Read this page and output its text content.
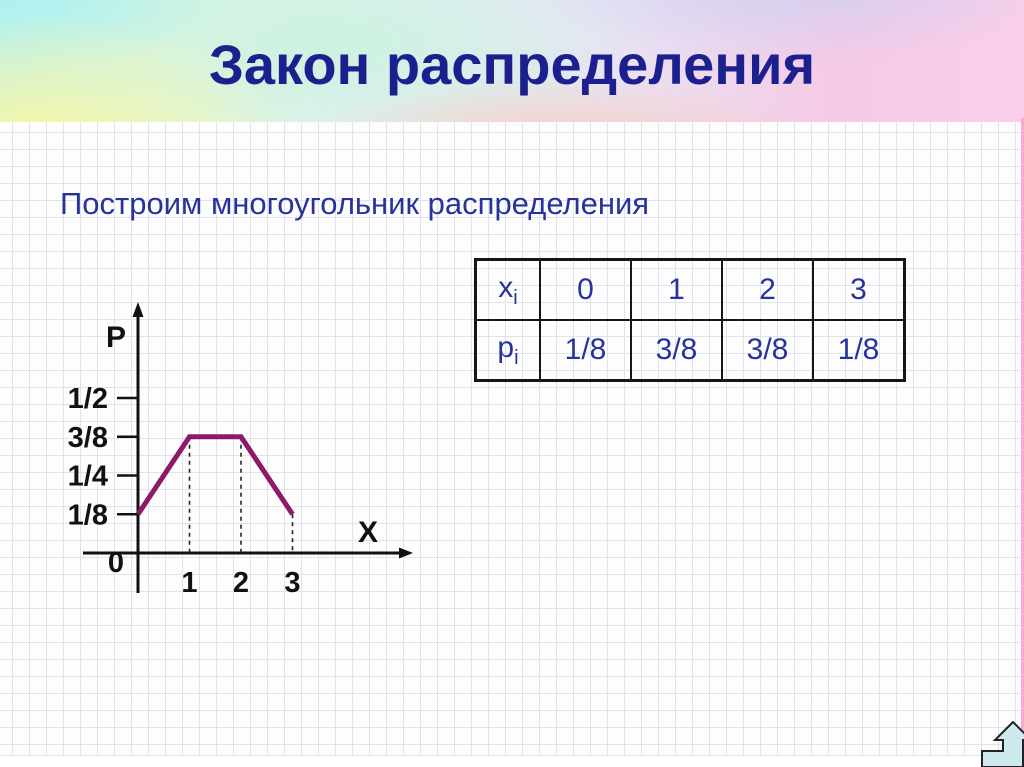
Закон распределения
Построим многоугольник распределения
$x_i$	0	1	2	3
$p_i$	1/8	3/8	3/8	1/8
1/2
3/8
1/4
1/8
1 2 3
P
X
0
